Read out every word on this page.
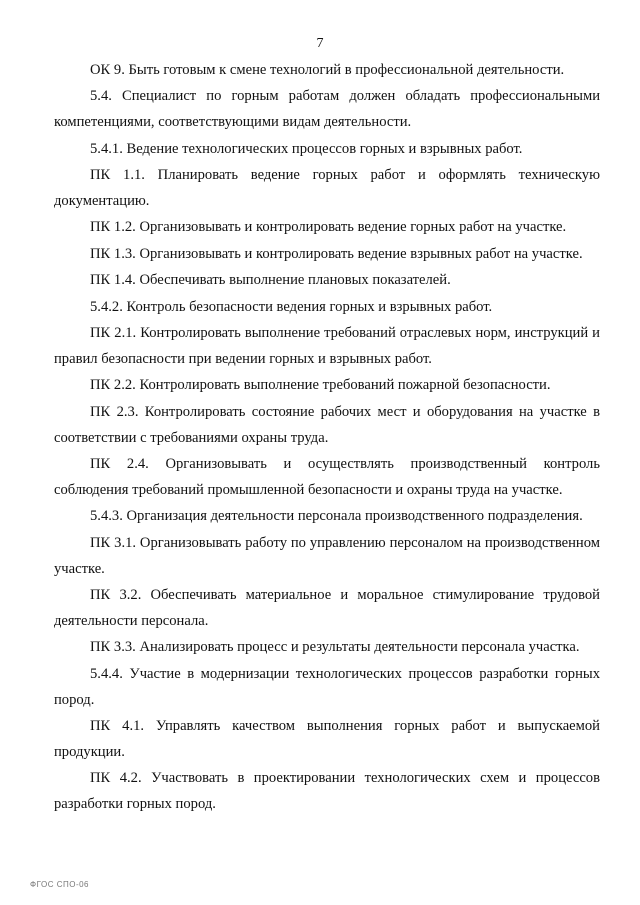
7

ОК 9. Быть готовым к смене технологий в профессиональной деятельности.

5.4. Специалист по горным работам должен обладать профессиональными компетенциями, соответствующими видам деятельности.

5.4.1. Ведение технологических процессов горных и взрывных работ.

ПК 1.1. Планировать ведение горных работ и оформлять техническую документацию.

ПК 1.2. Организовывать и контролировать ведение горных работ на участке.

ПК 1.3. Организовывать и контролировать ведение взрывных работ на участке.

ПК 1.4. Обеспечивать выполнение плановых показателей.

5.4.2. Контроль безопасности ведения горных и взрывных работ.

ПК 2.1. Контролировать выполнение требований отраслевых норм, инструкций и правил безопасности при ведении горных и взрывных работ.

ПК 2.2. Контролировать выполнение требований пожарной безопасности.

ПК 2.3. Контролировать состояние рабочих мест и оборудования на участке в соответствии с требованиями охраны труда.

ПК 2.4. Организовывать и осуществлять производственный контроль соблюдения требований промышленной безопасности и охраны труда на участке.

5.4.3. Организация деятельности персонала производственного подразделения.

ПК 3.1. Организовывать работу по управлению персоналом на производственном участке.

ПК 3.2. Обеспечивать материальное и моральное стимулирование трудовой деятельности персонала.

ПК 3.3. Анализировать процесс и результаты деятельности персонала участка.

5.4.4. Участие в модернизации технологических процессов разработки горных пород.

ПК 4.1. Управлять качеством выполнения горных работ и выпускаемой продукции.

ПК 4.2. Участвовать в проектировании технологических схем и процессов разработки горных пород.

ФГОС СПО-06
